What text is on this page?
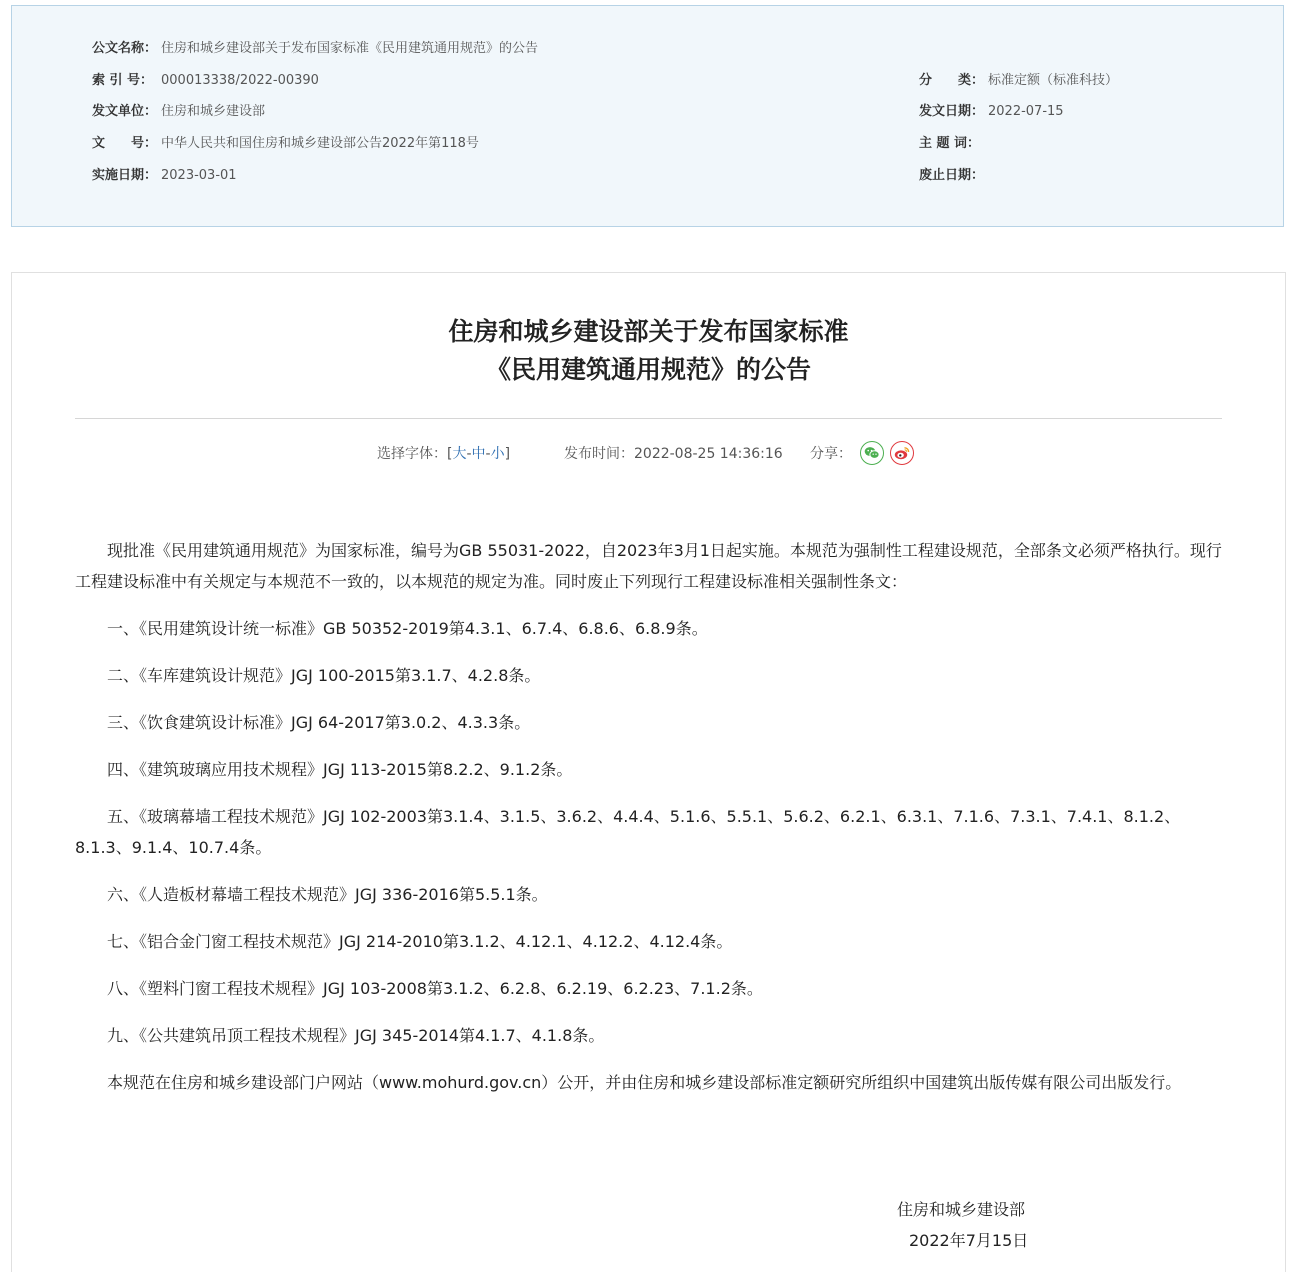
公文名称： 住房和城乡建设部关于发布国家标准《民用建筑通用规范》的公告
索 引 号： 000013338/2022-00390	分　　类： 标准定额（标准科技）
发文单位： 住房和城乡建设部	发文日期： 2022-07-15
文　　号： 中华人民共和国住房和城乡建设部公告2022年第118号	主 题 词：
实施日期： 2023-03-01	废止日期：
住房和城乡建设部关于发布国家标准
《民用建筑通用规范》的公告
选择字体：[大-中-小]	发布时间：2022-08-25 14:36:16 分享：

现批准《民用建筑通用规范》为国家标准，编号为GB 55031-2022，自2023年3月1日起实施。本规范为强制性工程建设规范，全部条文必须严格执行。现行工程建设标准中有关规定与本规范不一致的，以本规范的规定为准。同时废止下列现行工程建设标准相关强制性条文：

一、《民用建筑设计统一标准》GB 50352-2019第4.3.1、6.7.4、6.8.6、6.8.9条。

二、《车库建筑设计规范》JGJ 100-2015第3.1.7、4.2.8条。

三、《饮食建筑设计标准》JGJ 64-2017第3.0.2、4.3.3条。

四、《建筑玻璃应用技术规程》JGJ 113-2015第8.2.2、9.1.2条。

五、《玻璃幕墙工程技术规范》JGJ 102-2003第3.1.4、3.1.5、3.6.2、4.4.4、5.1.6、5.5.1、5.6.2、6.2.1、6.3.1、7.1.6、7.3.1、7.4.1、8.1.2、8.1.3、9.1.4、10.7.4条。

六、《人造板材幕墙工程技术规范》JGJ 336-2016第5.5.1条。

七、《铝合金门窗工程技术规范》JGJ 214-2010第3.1.2、4.12.1、4.12.2、4.12.4条。

八、《塑料门窗工程技术规程》JGJ 103-2008第3.1.2、6.2.8、6.2.19、6.2.23、7.1.2条。

九、《公共建筑吊顶工程技术规程》JGJ 345-2014第4.1.7、4.1.8条。

本规范在住房和城乡建设部门户网站（www.mohurd.gov.cn）公开，并由住房和城乡建设部标准定额研究所组织中国建筑出版传媒有限公司出版发行。

住房和城乡建设部
2022年7月15日
